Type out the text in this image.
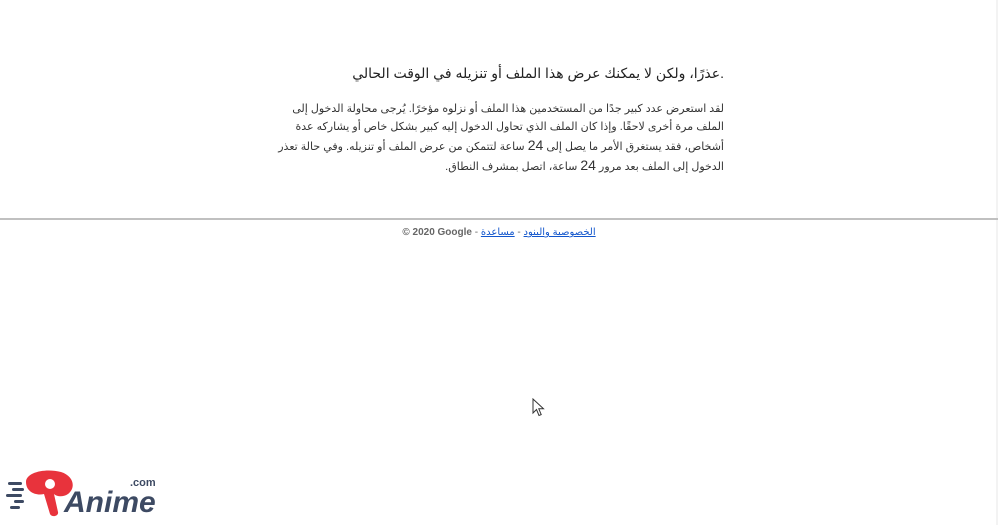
.عذرًا، ولكن لا يمكنك عرض هذا الملف أو تنزيله في الوقت الحالي

لقد استعرض عدد كبير جدًا من المستخدمين هذا الملف أو نزلوه مؤخرًا. يُرجى محاولة الدخول إلى الملف مرة أخرى لاحقًا. وإذا كان الملف الذي تحاول الدخول إليه كبير بشكل خاص أو يشاركه عدة أشخاص، فقد يستغرق الأمر ما يصل إلى 24 ساعة لتتمكن من عرض الملف أو تنزيله. وفي حالة تعذر الدخول إلى الملف بعد مرور 24 ساعة، اتصل بمشرف النطاق.

© 2020 Google -	الخصوصية والبنود - مساعدة
.com
Anime
